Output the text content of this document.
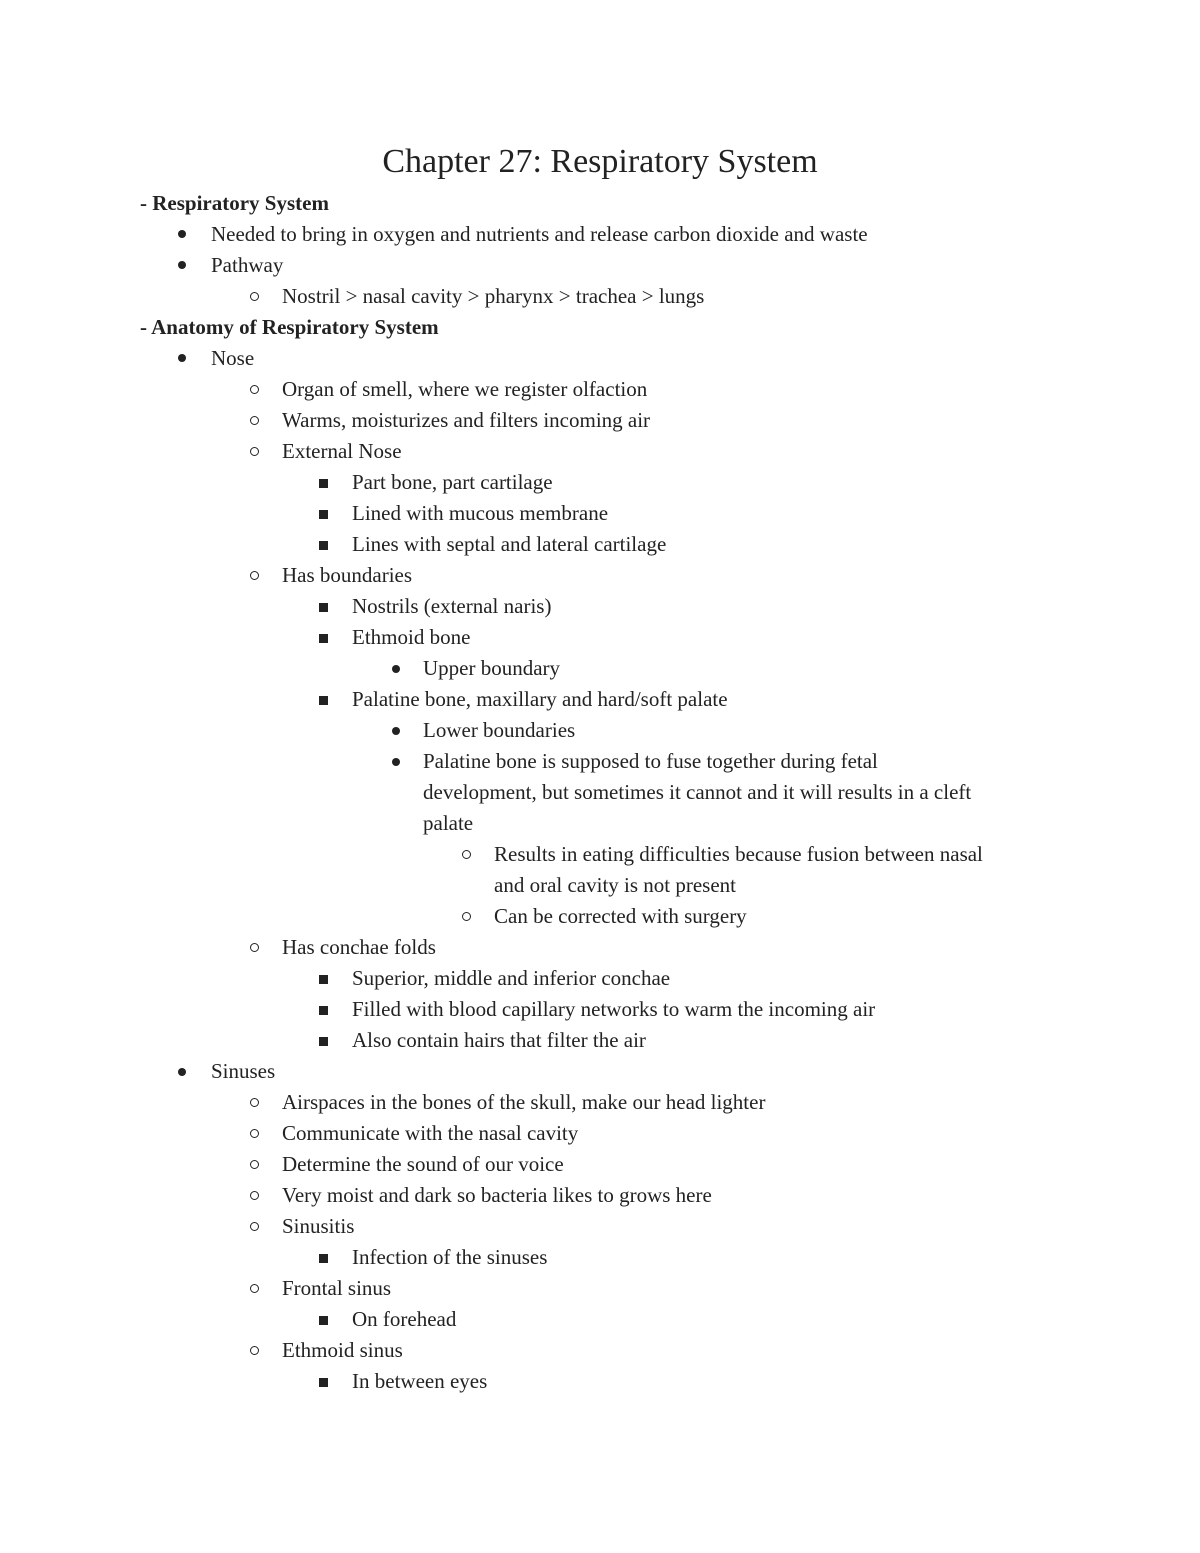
Chapter 27: Respiratory System
- Respiratory System
Needed to bring in oxygen and nutrients and release carbon dioxide and waste
Pathway
Nostril > nasal cavity > pharynx > trachea > lungs
- Anatomy of Respiratory System
Nose
Organ of smell, where we register olfaction
Warms, moisturizes and filters incoming air
External Nose
Part bone, part cartilage
Lined with mucous membrane
Lines with septal and lateral cartilage
Has boundaries
Nostrils (external naris)
Ethmoid bone
Upper boundary
Palatine bone, maxillary and hard/soft palate
Lower boundaries
Palatine bone is supposed to fuse together during fetal
development, but sometimes it cannot and it will results in a cleft
palate
Results in eating difficulties because fusion between nasal
and oral cavity is not present
Can be corrected with surgery
Has conchae folds
Superior, middle and inferior conchae
Filled with blood capillary networks to warm the incoming air
Also contain hairs that filter the air
Sinuses
Airspaces in the bones of the skull, make our head lighter
Communicate with the nasal cavity
Determine the sound of our voice
Very moist and dark so bacteria likes to grows here
Sinusitis
Infection of the sinuses
Frontal sinus
On forehead
Ethmoid sinus
In between eyes
